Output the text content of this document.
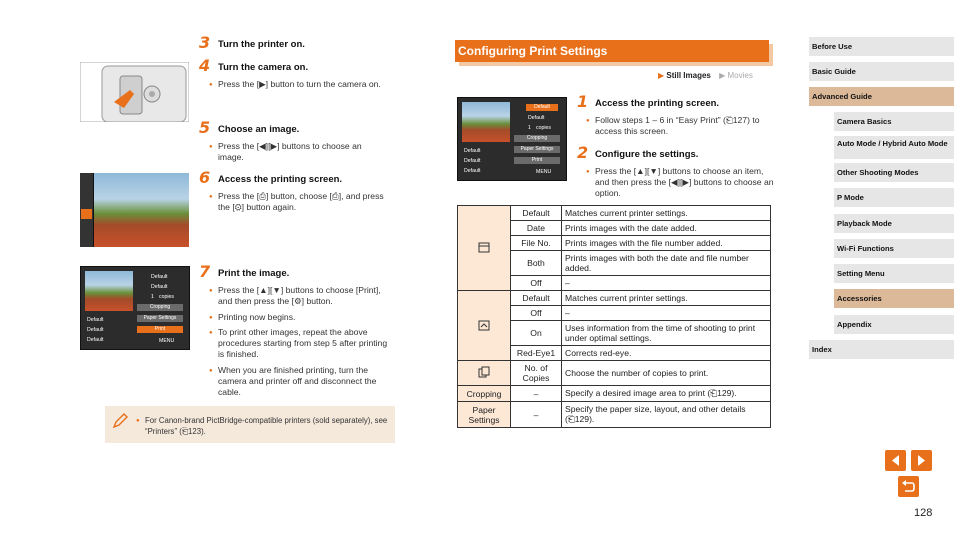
3 Turn the printer on.
4 Turn the camera on.
● Press the [▶] button to turn the camera on.
5 Choose an image.
● Press the [◀][▶] buttons to choose an image.
6 Access the printing screen.
● Press the [⎙] button, choose [⎙], and press the [⚙] button again.
Default
Default
Default
Default
Default
1 copies
Cropping
Paper Settings
Print
MENU
7 Print the image.
● Press the [▲][▼] buttons to choose [Print], and then press the [⚙] button.
● Printing now begins.
● To print other images, repeat the above procedures starting from step 5 after printing is finished.
● When you are finished printing, turn the camera and printer off and disconnect the cable.
● For Canon-brand PictBridge-compatible printers (sold separately), see “Printers” (⎗123).
Configuring Print Settings
▶ Still Images ▶ Movies
Default
Default
Default
Default
Default
1 copies
Cropping
Paper Settings
Print
MENU
1 Access the printing screen.
● Follow steps 1 – 6 in “Easy Print” (⎗127) to access this screen.
2 Configure the settings.
● Press the [▲][▼] buttons to choose an item, and then press the [◀][▶] buttons to choose an option.
	Default	Matches current printer settings.
	Date	Prints images with the date added.
	File No.	Prints images with the file number added.
	Both	Prints images with both the date and file number added.
	Off	–
	Default	Matches current printer settings.
	Off	–
	On	Uses information from the time of shooting to print under optimal settings.
	Red-Eye1	Corrects red-eye.
	No. of Copies	Choose the number of copies to print.
Cropping	–	Specify a desired image area to print (⎗129).
Paper Settings	–	Specify the paper size, layout, and other details (⎗129).
Before Use
Basic Guide
Advanced Guide
Camera Basics
Auto Mode / Hybrid Auto Mode
Other Shooting Modes
P Mode
Playback Mode
Wi-Fi Functions
Setting Menu
Accessories
Appendix
Index
128
